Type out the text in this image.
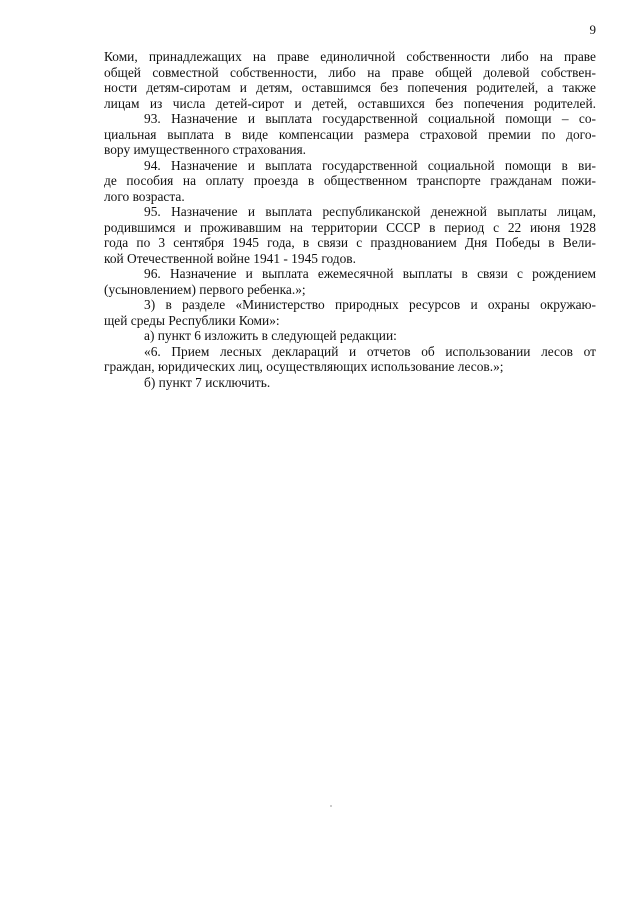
9
Коми, принадлежащих на праве единоличной собственности либо на праве
общей совместной собственности, либо на праве общей долевой собствен-
ности детям-сиротам и детям, оставшимся без попечения родителей, а также
лицам из числа детей-сирот и детей, оставшихся без попечения родителей.
93. Назначение и выплата государственной социальной помощи – со-
циальная выплата в виде компенсации размера страховой премии по дого-
вору имущественного страхования.
94. Назначение и выплата государственной социальной помощи в ви-
де пособия на оплату проезда в общественном транспорте гражданам пожи-
лого возраста.
95. Назначение и выплата республиканской денежной выплаты лицам,
родившимся и проживавшим на территории СССР в период с 22 июня 1928
года по 3 сентября 1945 года, в связи с празднованием Дня Победы в Вели-
кой Отечественной войне 1941 - 1945 годов.
96. Назначение и выплата ежемесячной выплаты в связи с рождением
(усыновлением) первого ребенка.»;
3) в разделе «Министерство природных ресурсов и охраны окружаю-
щей среды Республики Коми»:
а) пункт 6 изложить в следующей редакции:
«6. Прием лесных деклараций и отчетов об использовании лесов от
граждан, юридических лиц, осуществляющих использование лесов.»;
б) пункт 7 исключить.
